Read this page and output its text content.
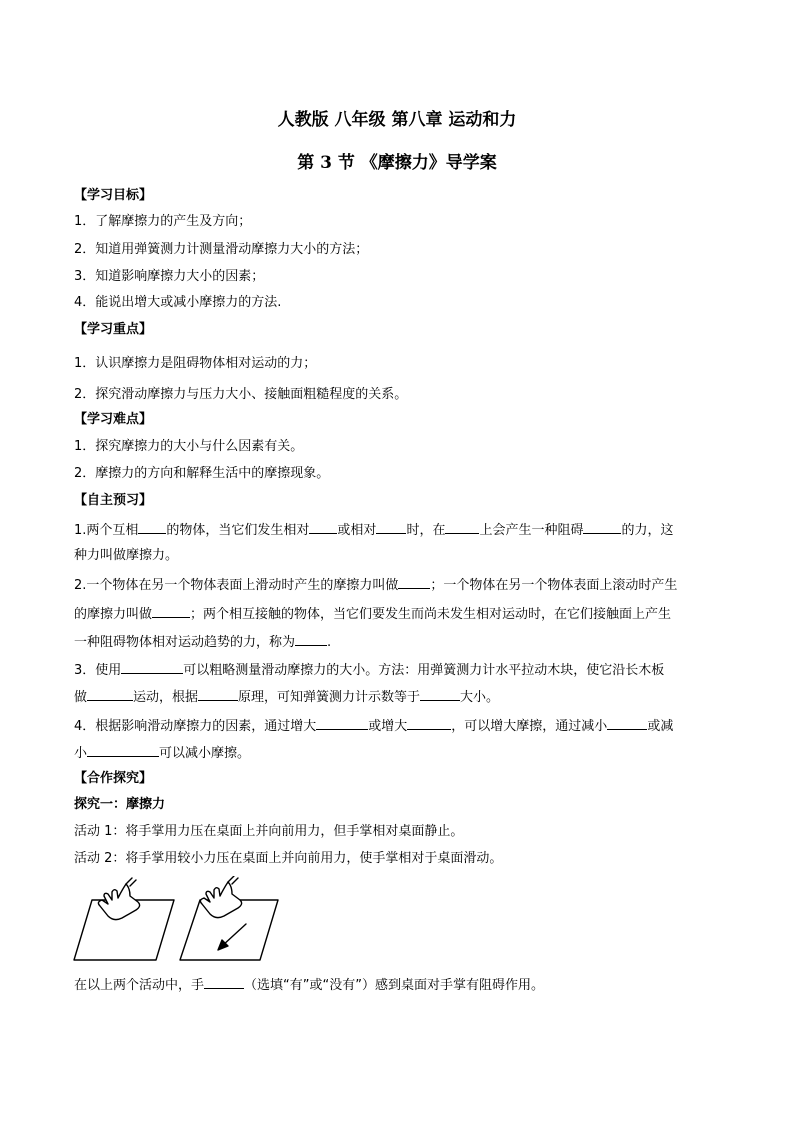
人教版 八年级 第八章 运动和力
第 3 节 《摩擦力》导学案
【学习目标】
1．了解摩擦力的产生及方向；
2．知道用弹簧测力计测量滑动摩擦力大小的方法；
3．知道影响摩擦力大小的因素；
4．能说出增大或减小摩擦力的方法.
【学习重点】
1．认识摩擦力是阻碍物体相对运动的力；
2．探究滑动摩擦力与压力大小、接触面粗糙程度的关系。
【学习难点】
1．探究摩擦力的大小与什么因素有关。
2．摩擦力的方向和解释生活中的摩擦现象。
【自主预习】
1.两个互相 的物体，当它们发生相对 或相对 时，在	上会产生一种阻碍	的力，这
种力叫做摩擦力。
2.一个物体在另一个物体表面上滑动时产生的摩擦力叫做 ；一个物体在另一个物体表面上滚动时产生
的摩擦力叫做	；两个相互接触的物体，当它们要发生而尚未发生相对运动时，在它们接触面上产生
一种阻碍物体相对运动趋势的力，称为 .
3．使用	可以粗略测量滑动摩擦力的大小。方法：用弹簧测力计水平拉动木块，使它沿长木板
做	运动，根据	原理，可知弹簧测力计示数等于	大小。
4．根据影响滑动摩擦力的因素，通过增大	或增大	，可以增大摩擦，通过减小	或减
小	可以减小摩擦。
【合作探究】
探究一：摩擦力
活动 1：将手掌用力压在桌面上并向前用力，但手掌相对桌面静止。
活动 2：将手掌用较小力压在桌面上并向前用力，使手掌相对于桌面滑动。
在以上两个活动中，手	（选填“有”或“没有”）感到桌面对手掌有阻碍作用。
